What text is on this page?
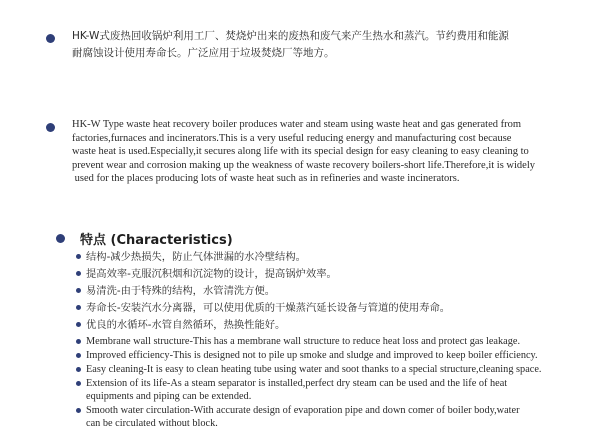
HK-W式废热回收锅炉利用工厂、焚烧炉出来的废热和废气来产生热水和蒸汽。节约费用和能源
耐腐蚀设计使用寿命长。广泛应用于垃圾焚烧厂等地方。
HK-W Type waste heat recovery boiler produces water and steam using waste heat and gas generated from
factories,furnaces and incinerators.This is a very useful reducing energy and manufacturing cost because
waste heat is used.Especially,it secures along life with its special design for easy cleaning to easy cleaning to
prevent wear and corrosion making up the weakness of waste recovery boilers-short life.Therefore,it is widely
used for the places producing lots of waste heat such as in refineries and waste incinerators.
特点 (Characteristics)
结构-减少热损失，防止气体泄漏的水冷壁结构。
提高效率-克服沉积烟和沉淀物的设计，提高锅炉效率。
易清洗-由于特殊的结构，水管清洗方便。
寿命长-安装汽水分离器，可以使用优质的干燥蒸汽延长设备与管道的使用寿命。
优良的水循环-水管自然循环，热换性能好。
Membrane wall structure-This has a membrane wall structure to reduce heat loss and protect gas leakage.
Improved efficiency-This is designed not to pile up smoke and sludge and improved to keep boiler efficiency.
Easy cleaning-It is easy to clean heating tube using water and soot thanks to a special structure,cleaning space.
Extension of its life-As a steam separator is installed,perfect dry steam can be used and the life of heat
equipments and piping can be extended.
Smooth water circulation-With accurate design of evaporation pipe and down comer of boiler body,water
can be circulated without block.
